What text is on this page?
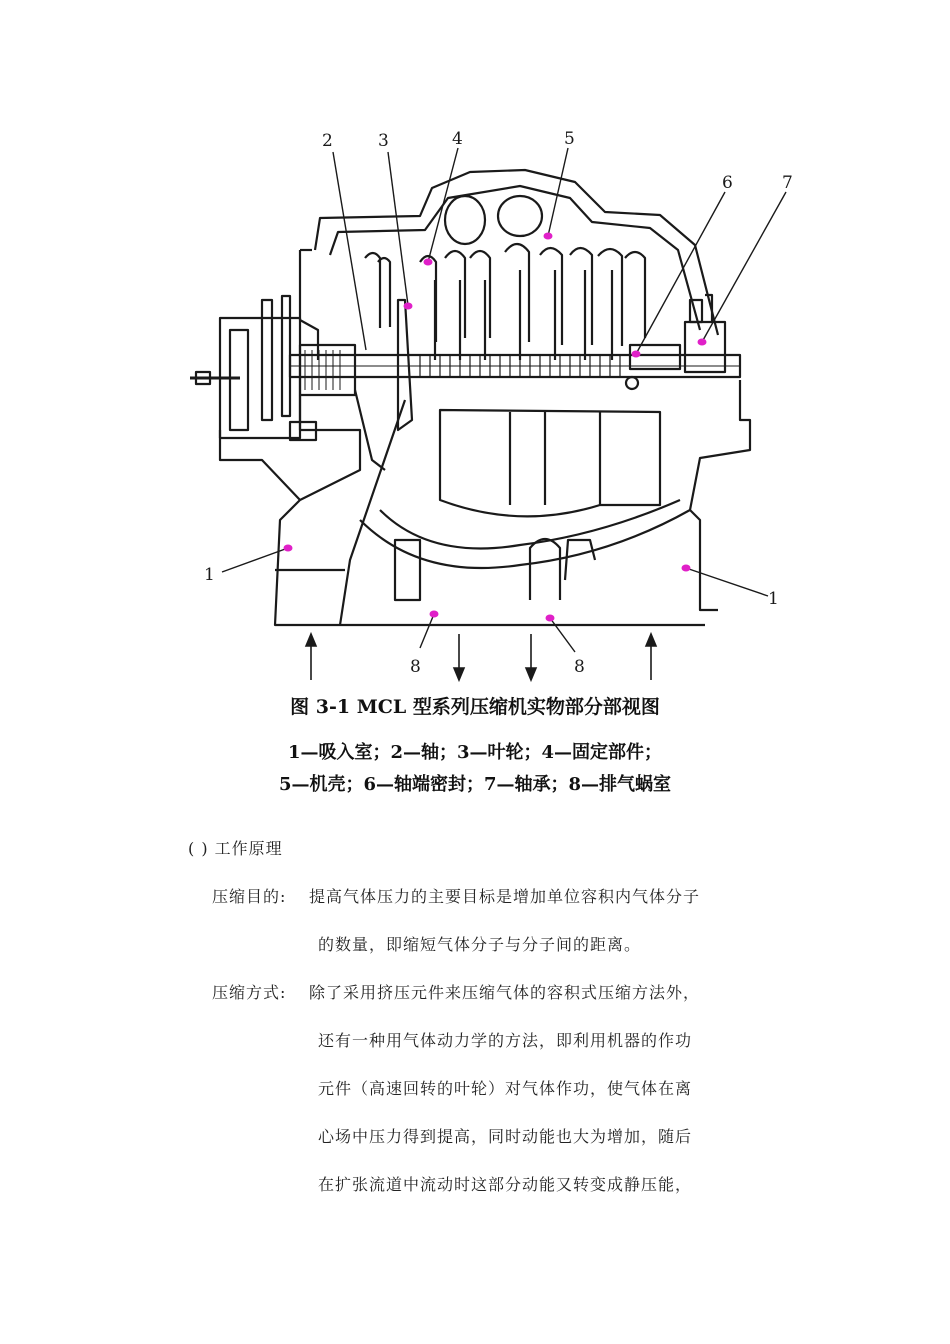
2	3	4	5
6	7
1
1
8	8
图 3-1 MCL 型系列压缩机实物部分部视图
1—吸入室；2—轴；3—叶轮；4—固定部件；
5—机壳；6—轴端密封；7—轴承；8—排气蜗室
( ) 工作原理
压缩目的: 提高气体压力的主要目标是增加单位容积内气体分子
的数量，即缩短气体分子与分子间的距离。
压缩方式: 除了采用挤压元件来压缩气体的容积式压缩方法外，
还有一种用气体动力学的方法，即利用机器的作功
元件（高速回转的叶轮）对气体作功，使气体在离
心场中压力得到提高，同时动能也大为增加，随后
在扩张流道中流动时这部分动能又转变成静压能，
